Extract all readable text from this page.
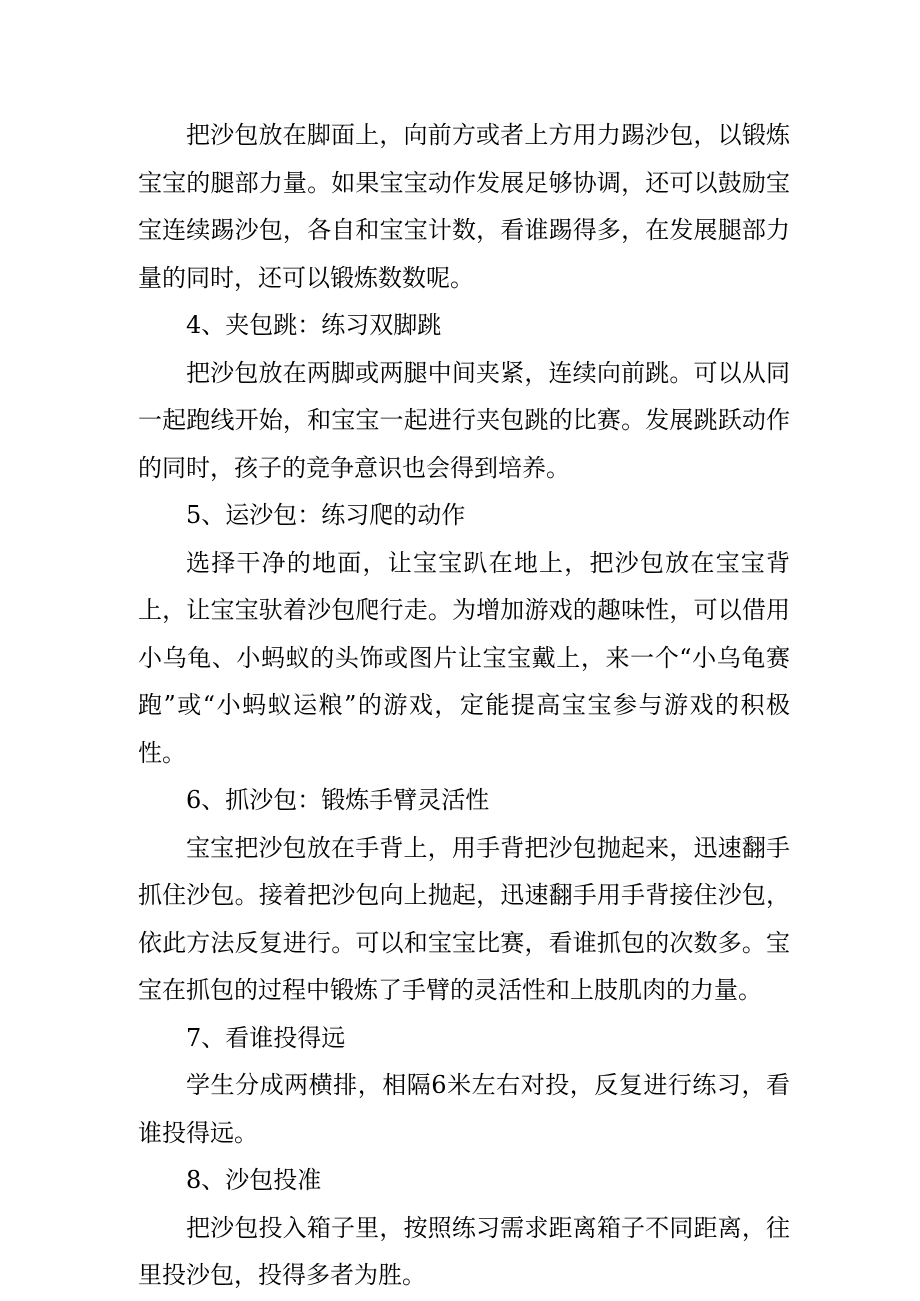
把沙包放在脚面上，向前方或者上方用力踢沙包，以锻炼宝宝的腿部力量。如果宝宝动作发展足够协调，还可以鼓励宝宝连续踢沙包，各自和宝宝计数，看谁踢得多，在发展腿部力量的同时，还可以锻炼数数呢。

4、夹包跳：练习双脚跳

把沙包放在两脚或两腿中间夹紧，连续向前跳。可以从同一起跑线开始，和宝宝一起进行夹包跳的比赛。发展跳跃动作的同时，孩子的竞争意识也会得到培养。

5、运沙包：练习爬的动作

选择干净的地面，让宝宝趴在地上，把沙包放在宝宝背上，让宝宝驮着沙包爬行走。为增加游戏的趣味性，可以借用小乌龟、小蚂蚁的头饰或图片让宝宝戴上，来一个“小乌龟赛跑”或“小蚂蚁运粮”的游戏，定能提高宝宝参与游戏的积极性。

6、抓沙包：锻炼手臂灵活性

宝宝把沙包放在手背上，用手背把沙包抛起来，迅速翻手抓住沙包。接着把沙包向上抛起，迅速翻手用手背接住沙包，依此方法反复进行。可以和宝宝比赛，看谁抓包的次数多。宝宝在抓包的过程中锻炼了手臂的灵活性和上肢肌肉的力量。

7、看谁投得远

学生分成两横排，相隔6米左右对投，反复进行练习，看谁投得远。

8、沙包投准

把沙包投入箱子里，按照练习需求距离箱子不同距离，往里投沙包，投得多者为胜。
